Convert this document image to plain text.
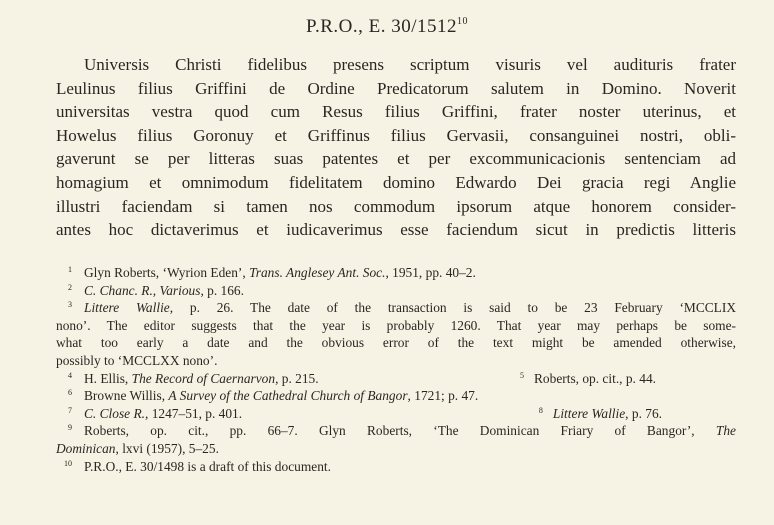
P.R.O., E. 30/1512$^{10}$
Universis Christi fidelibus presens scriptum visuris vel audituris frater
Leulinus filius Griffini de Ordine Predicatorum salutem in Domino. Noverit
universitas vestra quod cum Resus filius Griffini, frater noster uterinus, et
Howelus filius Goronuy et Griffinus filius Gervasii, consanguinei nostri, obli-
gaverunt se per litteras suas patentes et per excommunicacionis sentenciam ad
homagium et omnimodum fidelitatem domino Edwardo Dei gracia regi Anglie
illustri faciendam si tamen nos commodum ipsorum atque honorem consider-
antes hoc dictaverimus et iudicaverimus esse faciendum sicut in predictis litteris
1 Glyn Roberts, ‘Wyrion Eden’, Trans. Anglesey Ant. Soc., 1951, pp. 40–2.
2 C. Chanc. R., Various, p. 166.
3 Littere Wallie, p. 26. The date of the transaction is said to be 23 February ‘MCCLIX
nono’. The editor suggests that the year is probably 1260. That year may perhaps be some-
what too early a date and the obvious error of the text might be amended otherwise,
possibly to ‘MCCLXX nono’.
4 H. Ellis, The Record of Caernarvon, p. 215.	5 Roberts, op. cit., p. 44.
6 Browne Willis, A Survey of the Cathedral Church of Bangor, 1721; p. 47.
7 C. Close R., 1247–51, p. 401.	8 Littere Wallie, p. 76.
9 Roberts, op. cit., pp. 66–7. Glyn Roberts, ‘The Dominican Friary of Bangor’, The
Dominican, lxvi (1957), 5–25.
10 P.R.O., E. 30/1498 is a draft of this document.
